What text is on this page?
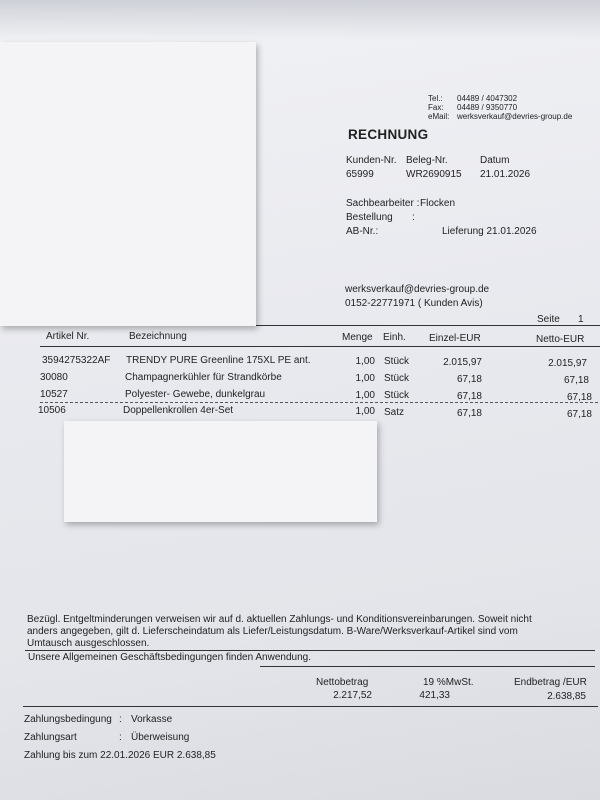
Tel.: 04489 / 4047302
Fax: 04489 / 9350770
eMail: werksverkauf@devries-group.de
RECHNUNG
Kunden-Nr. Beleg-Nr.	Datum
65999	WR2690915 21.01.2026
Sachbearbeiter : Flocken
Bestellung :
AB-Nr.:	Lieferung 21.01.2026
werksverkauf@devries-group.de
0152-22771971 ( Kunden Avis)
Seite 1
Artikel Nr.	Bezeichnung	Menge Einh. Einzel-EUR	Netto-EUR
3594275322AF TRENDY PURE Greenline 175XL PE ant.	1,00 Stück	2.015,97	2.015,97
30080	Champagnerkühler für Strandkörbe	1,00 Stück	67,18	67,18
10527	Polyester- Gewebe, dunkelgrau	1,00 Stück	67,18	67,18
10506	Doppellenkrollen 4er-Set	1,00 Satz	67,18	67,18
Bezügl. Entgeltminderungen verweisen wir auf d. aktuellen Zahlungs- und Konditionsvereinbarungen. Soweit nicht
anders angegeben, gilt d. Lieferscheindatum als Liefer/Leistungsdatum. B-Ware/Werksverkauf-Artikel sind vom
Umtausch ausgeschlossen.
Unsere Allgemeinen Geschäftsbedingungen finden Anwendung.
Nettobetrag	19 %MwSt.	Endbetrag /EUR
2.217,52	421,33	2.638,85
Zahlungsbedingung : Vorkasse
Zahlungsart	: Überweisung
Zahlung bis zum 22.01.2026 EUR 2.638,85
